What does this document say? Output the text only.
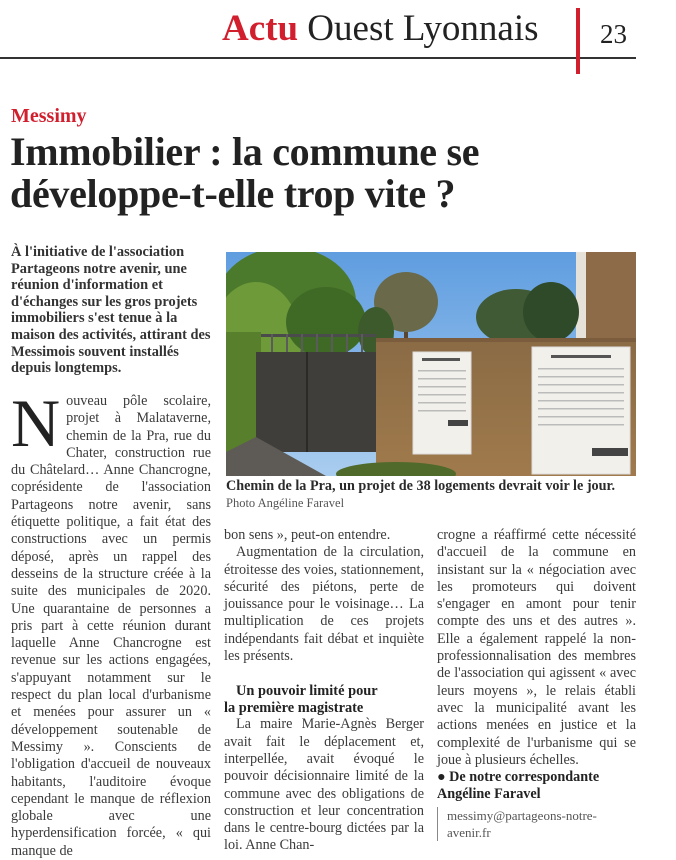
Actu Ouest Lyonnais 23
Messimy
Immobilier : la commune se développe-t-elle trop vite ?

À l'initiative de l'association Partageons notre avenir, une réunion d'information et d'échanges sur les gros projets immobiliers s'est tenue à la maison des activités, attirant des Messimois souvent installés depuis longtemps.

Chemin de la Pra, un projet de 38 logements devrait voir le jour. Photo Angéline Faravel
N ouveau pôle scolaire, projet à Malataverne, chemin de la Pra, rue du Chater, construction rue du Châtelard… Anne Chancrogne, coprésidente de l'association Partageons notre avenir, sans étiquette politique, a fait état des constructions avec un permis déposé, après un rappel des desseins de la structure créée à la suite des municipales de 2020. Une quarantaine de personnes a pris part à cette réunion durant laquelle Anne Chancrogne est revenue sur les actions engagées, s'appuyant notamment sur le respect du plan local d'urbanisme et menées pour assurer un « développement soutenable de Messimy ». Conscients de l'obligation d'accueil de nouveaux habitants, l'auditoire évoque cependant le manque de réflexion globale avec une hyperdensification forcée, « qui manque de
bon sens », peut-on entendre.
Augmentation de la circulation, étroitesse des voies, stationnement, sécurité des piétons, perte de jouissance pour le voisinage… La multiplication de ces projets indépendants fait débat et inquiète les présents.
Un pouvoir limité pour
la première magistrate
La maire Marie-Agnès Berger avait fait le déplacement et, interpellée, avait évoqué le pouvoir décisionnaire limité de la commune avec des obligations de construction et leur concentration dans le centre-bourg dictées par la loi. Anne Chan-
crogne a réaffirmé cette nécessité d'accueil de la commune en insistant sur la « négociation avec les promoteurs qui doivent s'engager en amont pour tenir compte des uns et des autres ». Elle a également rappelé la non-professionnalisation des membres de l'association qui agissent « avec leurs moyens », le relais établi avec la municipalité avant les actions menées en justice et la complexité de l'urbanisme qui se joue à plusieurs échelles.
● De notre correspondante
Angéline Faravel
messimy@partageons-notre-
avenir.fr
